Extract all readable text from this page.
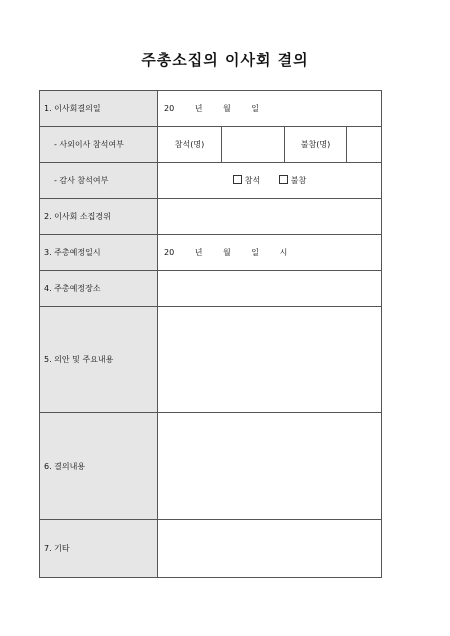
주총소집의 이사회 결의
1. 이사회결의일	20 년 월 일			
- 사외이사 참석여부	참석(명)		불참(명)	
- 감사 참석여부	참석 불참			
2. 이사회 소집경위				
3. 주총예정일시	20 년 월 일 시			
4. 주총예정장소				
5. 의안 및 주요내용				
6. 결의내용				
7. 기타				
